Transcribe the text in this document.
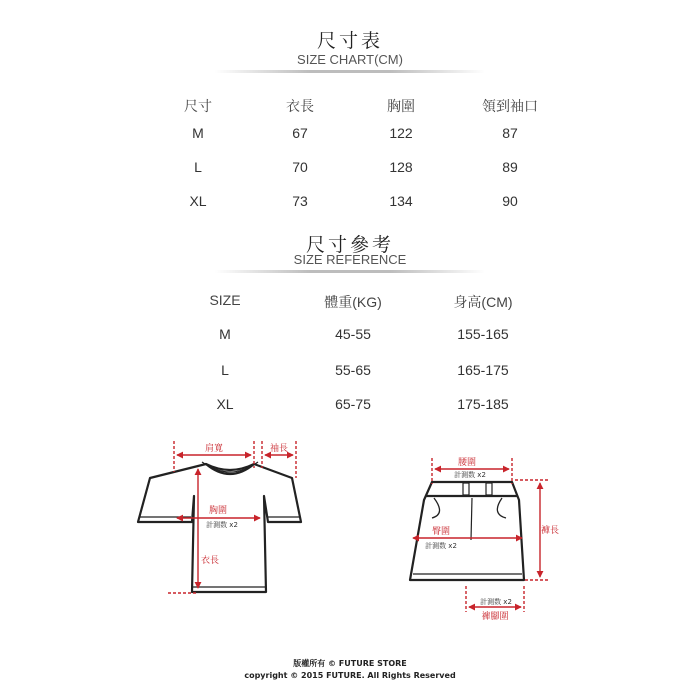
尺寸表
SIZE CHART(CM)
尺寸	衣長	胸圍	領到袖口
M	67	122	87
L	70	128	89
XL	73	134	90
尺寸參考
SIZE REFERENCE
SIZE	體重(KG)	身高(CM)
M	45-55	155-165
L	55-65	165-175
XL	65-75	175-185
肩寬	袖長
胸圍
計測数 x2
衣長
腰圍
計測数 x2
臀圍
計測数 x2
褲長
計測数 x2
褲腳圍
版權所有 © FUTURE STORE
copyright © 2015 FUTURE. All Rights Reserved
